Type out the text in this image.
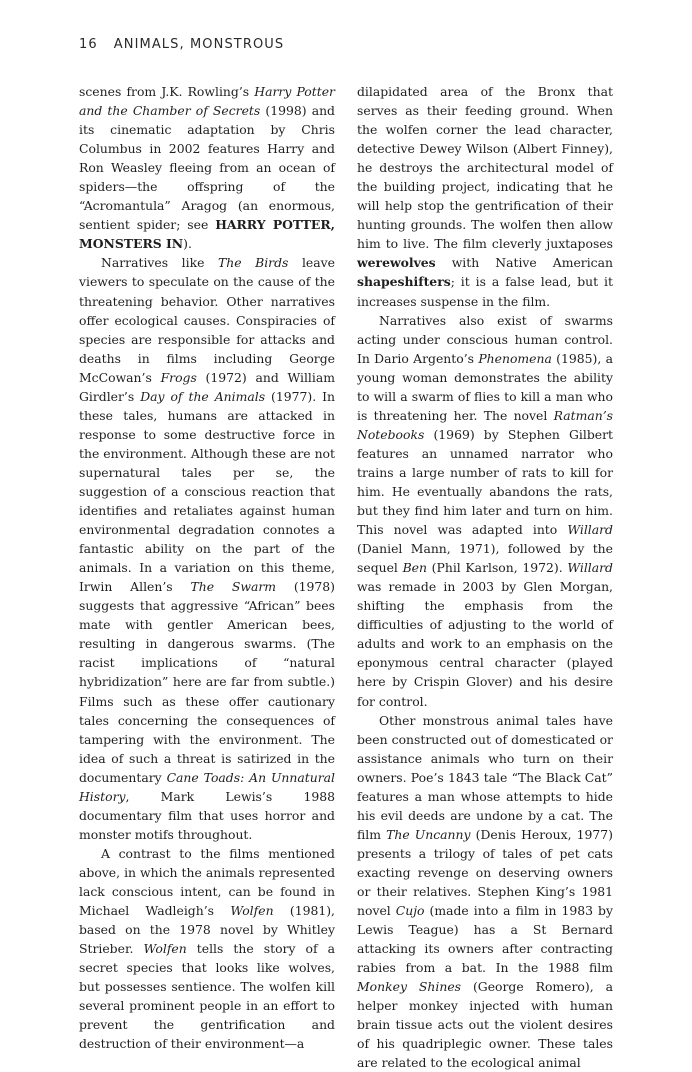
16 ANIMALS, MONSTROUS

scenes from J.K. Rowling’s Harry Potter and the Chamber of Secrets (1998) and its cinematic adaptation by Chris Columbus in 2002 features Harry and Ron Weasley fleeing from an ocean of spiders—the offspring of the “Acromantula” Aragog (an enormous, sentient spider; see HARRY POTTER, MONSTERS IN).

Narratives like The Birds leave viewers to speculate on the cause of the threatening behavior. Other narratives offer ecological causes. Conspiracies of species are responsible for attacks and deaths in films including George McCowan’s Frogs (1972) and William Girdler’s Day of the Animals (1977). In these tales, humans are attacked in response to some destructive force in the environment. Although these are not supernatural tales per se, the suggestion of a conscious reaction that identifies and retaliates against human environmental degradation connotes a fantastic ability on the part of the animals. In a variation on this theme, Irwin Allen’s The Swarm (1978) suggests that aggressive “African” bees mate with gentler American bees, resulting in dangerous swarms. (The racist implications of “natural hybridization” here are far from subtle.) Films such as these offer cautionary tales concerning the consequences of tampering with the environment. The idea of such a threat is satirized in the documentary Cane Toads: An Unnatural History, Mark Lewis’s 1988 documentary film that uses horror and monster motifs throughout.

A contrast to the films mentioned above, in which the animals represented lack conscious intent, can be found in Michael Wadleigh’s Wolfen (1981), based on the 1978 novel by Whitley Strieber. Wolfen tells the story of a secret species that looks like wolves, but possesses sentience. The wolfen kill several prominent people in an effort to prevent the gentrification and destruction of their environment—a

dilapidated area of the Bronx that serves as their feeding ground. When the wolfen corner the lead character, detective Dewey Wilson (Albert Finney), he destroys the architectural model of the building project, indicating that he will help stop the gentrification of their hunting grounds. The wolfen then allow him to live. The film cleverly juxtaposes werewolves with Native American shapeshifters; it is a false lead, but it increases suspense in the film.

Narratives also exist of swarms acting under conscious human control. In Dario Argento’s Phenomena (1985), a young woman demonstrates the ability to will a swarm of flies to kill a man who is threatening her. The novel Ratman’s Notebooks (1969) by Stephen Gilbert features an unnamed narrator who trains a large number of rats to kill for him. He eventually abandons the rats, but they find him later and turn on him. This novel was adapted into Willard (Daniel Mann, 1971), followed by the sequel Ben (Phil Karlson, 1972). Willard was remade in 2003 by Glen Morgan, shifting the emphasis from the difficulties of adjusting to the world of adults and work to an emphasis on the eponymous central character (played here by Crispin Glover) and his desire for control.

Other monstrous animal tales have been constructed out of domesticated or assistance animals who turn on their owners. Poe’s 1843 tale “The Black Cat” features a man whose attempts to hide his evil deeds are undone by a cat. The film The Uncanny (Denis Heroux, 1977) presents a trilogy of tales of pet cats exacting revenge on deserving owners or their relatives. Stephen King’s 1981 novel Cujo (made into a film in 1983 by Lewis Teague) has a St Bernard attacking its owners after contracting rabies from a bat. In the 1988 film Monkey Shines (George Romero), a helper monkey injected with human brain tissue acts out the violent desires of his quadriplegic owner. These tales are related to the ecological animal
